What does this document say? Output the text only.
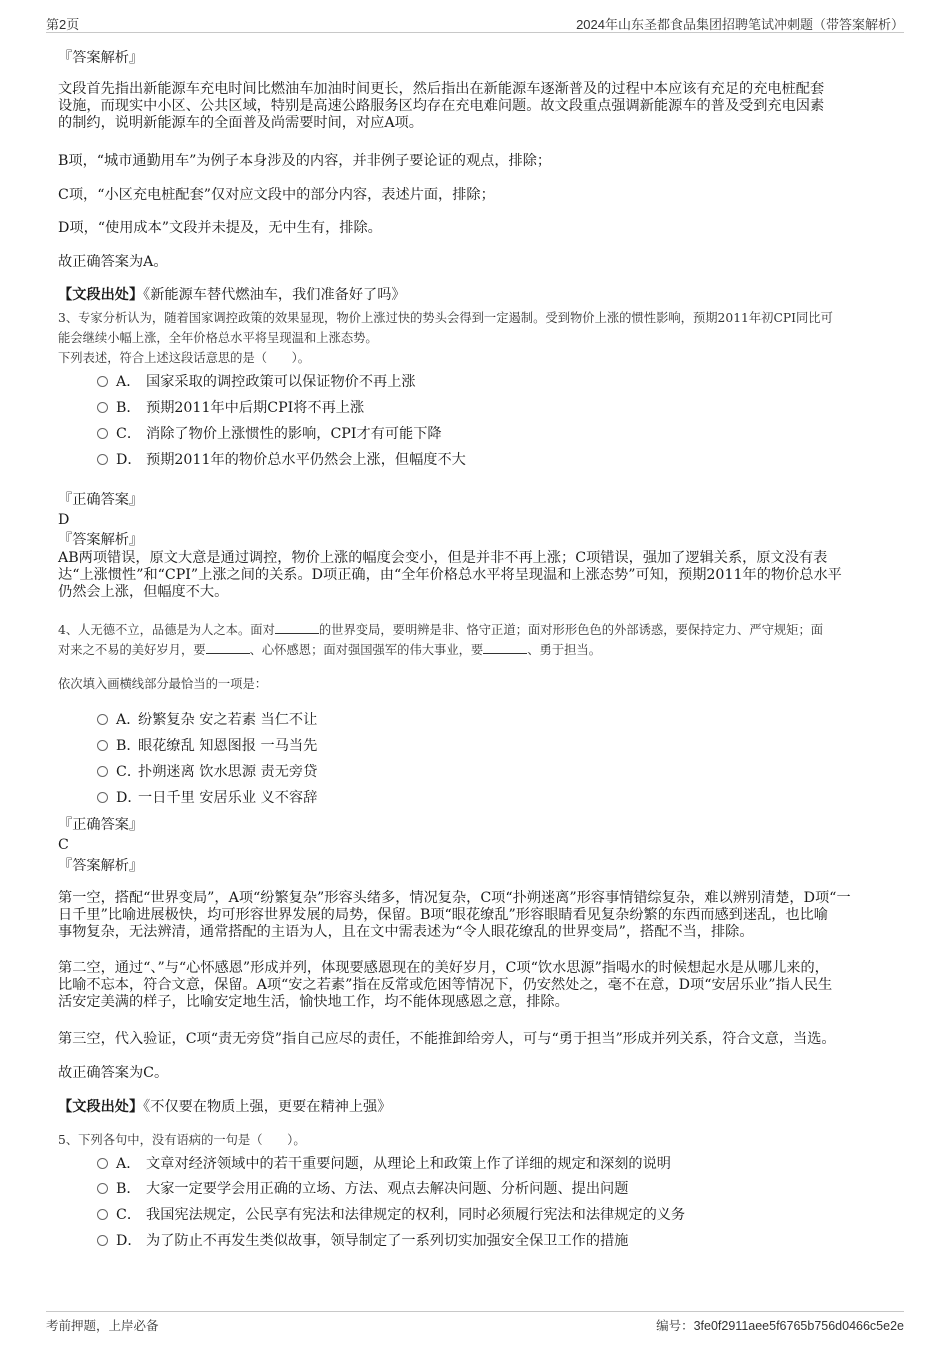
第2页	2024年山东圣都食品集团招聘笔试冲刺题（带答案解析）
『答案解析』
文段首先指出新能源车充电时间比燃油车加油时间更长，然后指出在新能源车逐渐普及的过程中本应该有充足的充电桩配套
设施，而现实中小区、公共区域，特别是高速公路服务区均存在充电难问题。故文段重点强调新能源车的普及受到充电因素
的制约，说明新能源车的全面普及尚需要时间，对应A项。
B项，“城市通勤用车”为例子本身涉及的内容，并非例子要论证的观点，排除；
C项，“小区充电桩配套”仅对应文段中的部分内容，表述片面，排除；
D项，“使用成本”文段并未提及，无中生有，排除。
故正确答案为A。
【文段出处】《新能源车替代燃油车，我们准备好了吗》
3、专家分析认为，随着国家调控政策的效果显现，物价上涨过快的势头会得到一定遏制。受到物价上涨的惯性影响，预期2011年初CPI同比可
能会继续小幅上涨，全年价格总水平将呈现温和上涨态势。
下列表述，符合上述这段话意思的是（　　）。
A． 国家采取的调控政策可以保证物价不再上涨
B． 预期2011年中后期CPI将不再上涨
C． 消除了物价上涨惯性的影响，CPI才有可能下降
D． 预期2011年的物价总水平仍然会上涨，但幅度不大
『正确答案』
D
『答案解析』
AB两项错误，原文大意是通过调控，物价上涨的幅度会变小，但是并非不再上涨；C项错误，强加了逻辑关系，原文没有表
达“上涨惯性”和“CPI”上涨之间的关系。D项正确，由“全年价格总水平将呈现温和上涨态势”可知，预期2011年的物价总水平
仍然会上涨，但幅度不大。
4、人无德不立，品德是为人之本。面对	的世界变局，要明辨是非、恪守正道；面对形形色色的外部诱惑，要保持定力、严守规矩；面
对来之不易的美好岁月，要	、心怀感恩；面对强国强军的伟大事业，要	、勇于担当。
依次填入画横线部分最恰当的一项是：
A．纷繁复杂 安之若素 当仁不让
B．眼花缭乱 知恩图报 一马当先
C．扑朔迷离 饮水思源 责无旁贷
D．一日千里 安居乐业 义不容辞
『正确答案』
C
『答案解析』
第一空，搭配“世界变局”，A项“纷繁复杂”形容头绪多，情况复杂，C项“扑朔迷离”形容事情错综复杂，难以辨别清楚，D项“一
日千里”比喻进展极快，均可形容世界发展的局势，保留。B项“眼花缭乱”形容眼睛看见复杂纷繁的东西而感到迷乱，也比喻
事物复杂，无法辨清，通常搭配的主语为人，且在文中需表述为“令人眼花缭乱的世界变局”，搭配不当，排除。
第二空，通过“、”与“心怀感恩”形成并列，体现要感恩现在的美好岁月，C项“饮水思源”指喝水的时候想起水是从哪儿来的，
比喻不忘本，符合文意，保留。A项“安之若素”指在反常或危困等情况下，仍安然处之，毫不在意，D项“安居乐业”指人民生
活安定美满的样子，比喻安定地生活，愉快地工作，均不能体现感恩之意，排除。
第三空，代入验证，C项“责无旁贷”指自己应尽的责任，不能推卸给旁人，可与“勇于担当”形成并列关系，符合文意，当选。
故正确答案为C。
【文段出处】《不仅要在物质上强，更要在精神上强》
5、下列各句中，没有语病的一句是（　　）。
A． 文章对经济领域中的若干重要问题，从理论上和政策上作了详细的规定和深刻的说明
B． 大家一定要学会用正确的立场、方法、观点去解决问题、分析问题、提出问题
C． 我国宪法规定，公民享有宪法和法律规定的权利，同时必须履行宪法和法律规定的义务
D． 为了防止不再发生类似故事，领导制定了一系列切实加强安全保卫工作的措施
考前押题，上岸必备	编号：3fe0f2911aee5f6765b756d0466c5e2e
